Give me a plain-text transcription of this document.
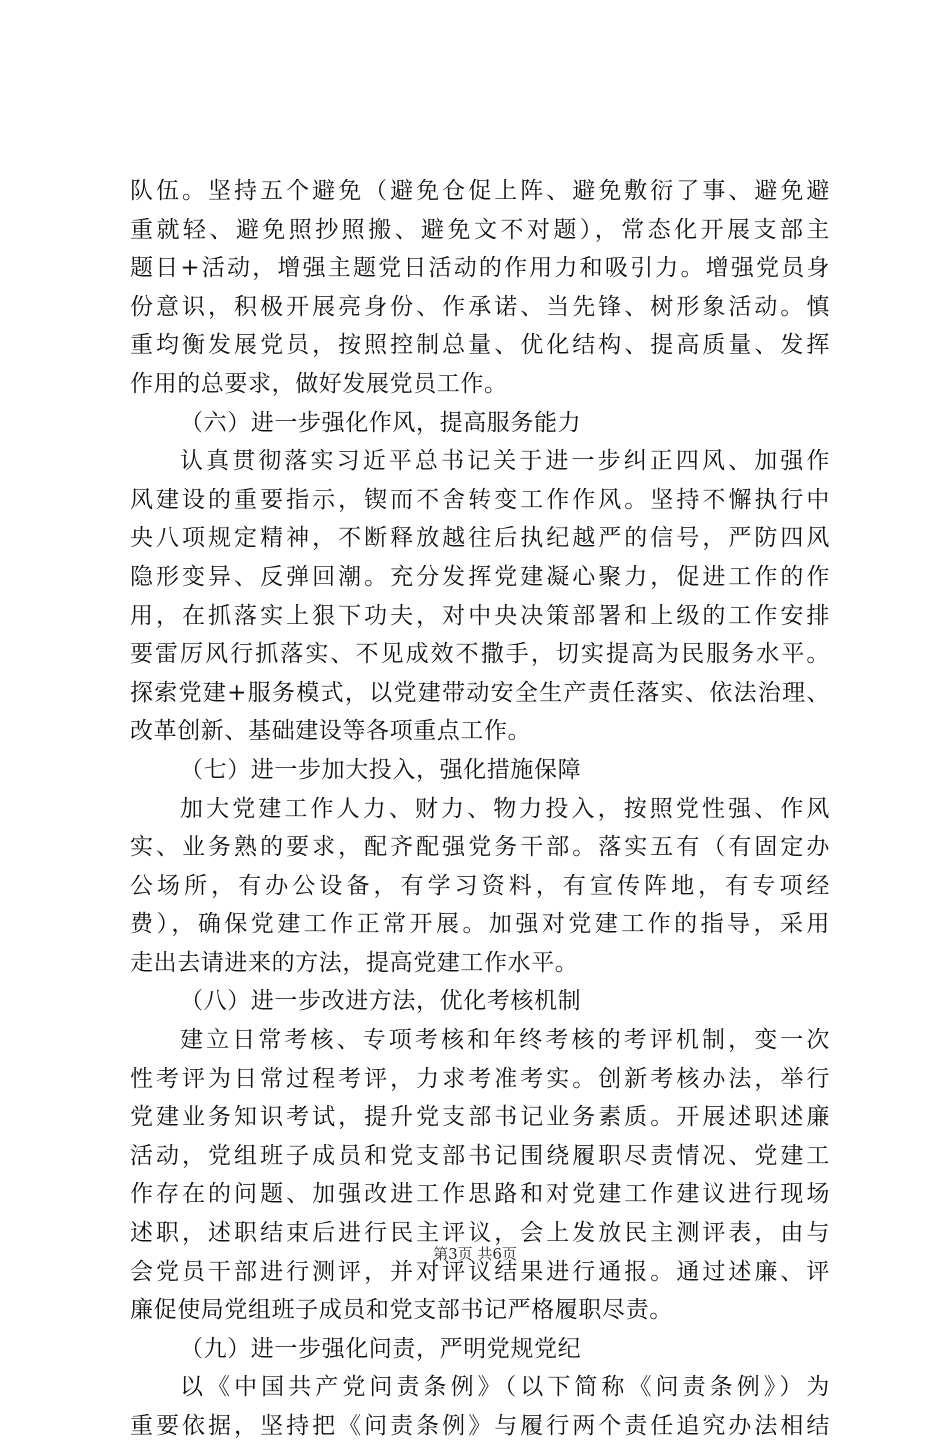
队伍。坚持五个避免（避免仓促上阵、避免敷衍了事、避免避
重就轻、避免照抄照搬、避免文不对题），常态化开展支部主
题日+活动，增强主题党日活动的作用力和吸引力。增强党员身
份意识，积极开展亮身份、作承诺、当先锋、树形象活动。慎
重均衡发展党员，按照控制总量、优化结构、提高质量、发挥
作用的总要求，做好发展党员工作。
（六）进一步强化作风，提高服务能力
认真贯彻落实习近平总书记关于进一步纠正四风、加强作
风建设的重要指示，锲而不舍转变工作作风。坚持不懈执行中
央八项规定精神，不断释放越往后执纪越严的信号，严防四风
隐形变异、反弹回潮。充分发挥党建凝心聚力，促进工作的作
用，在抓落实上狠下功夫，对中央决策部署和上级的工作安排
要雷厉风行抓落实、不见成效不撒手，切实提高为民服务水平。
探索党建+服务模式，以党建带动安全生产责任落实、依法治理、
改革创新、基础建设等各项重点工作。
（七）进一步加大投入，强化措施保障
加大党建工作人力、财力、物力投入，按照党性强、作风
实、业务熟的要求，配齐配强党务干部。落实五有（有固定办
公场所，有办公设备，有学习资料，有宣传阵地，有专项经
费），确保党建工作正常开展。加强对党建工作的指导，采用
走出去请进来的方法，提高党建工作水平。
（八）进一步改进方法，优化考核机制
建立日常考核、专项考核和年终考核的考评机制，变一次
性考评为日常过程考评，力求考准考实。创新考核办法，举行
党建业务知识考试，提升党支部书记业务素质。开展述职述廉
活动，党组班子成员和党支部书记围绕履职尽责情况、党建工
作存在的问题、加强改进工作思路和对党建工作建议进行现场
述职，述职结束后进行民主评议，会上发放民主测评表，由与
会党员干部进行测评，并对评议结果进行通报。通过述廉、评
廉促使局党组班子成员和党支部书记严格履职尽责。
（九）进一步强化问责，严明党规党纪
以《中国共产党问责条例》（以下简称《问责条例》）为
重要依据，坚持把《问责条例》与履行两个责任追究办法相结
第3页 共6页
